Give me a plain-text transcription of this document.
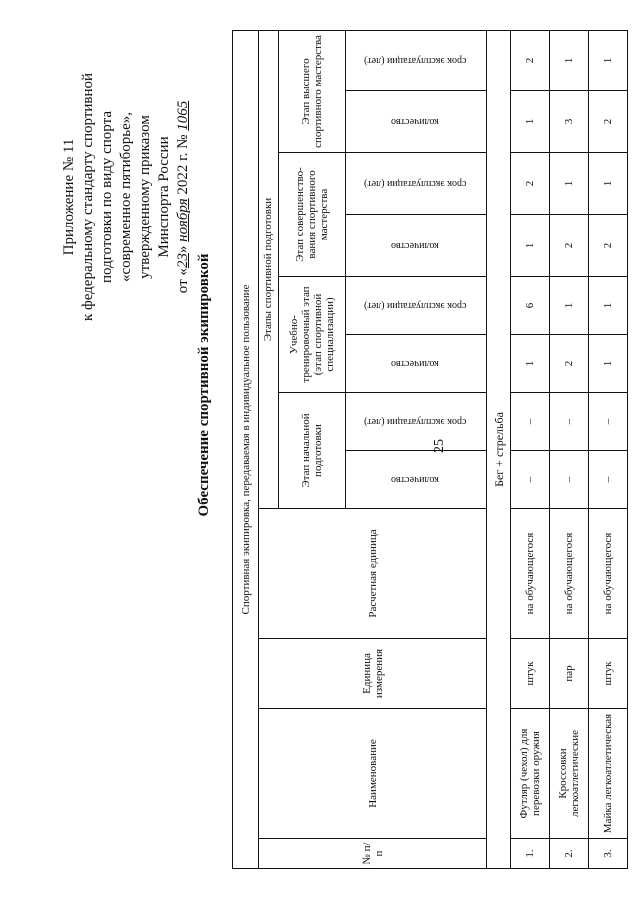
25
Приложение № 11 к федеральному стандарту спортивной подготовки по виду спорта «современное пятиборье», утвержденному приказом Минспорта России
от «23» ноября 2022 г. № 1065
Обеспечение спортивной экипировкой	Спортивная экипировка, передаваемая в индивидуальное пользование											
№ п/п	Наименование	Единица измерения	Расчетная единица	Этапы спортивной подготовки							
				Этап начальной подготовки		Учебно-тренировочный этап (этап спортивной специализации)		Этап совершенство-вания спортивного мастерства		Этап высшего спортивного мастерства	
				количество	срок эксплуатации (лет)	количество	срок эксплуатации (лет)	количество	срок эксплуатации (лет)	количество	срок эксплуатации (лет)
Бег + стрельба											
1.	Футляр (чехол) для перевозки оружия	штук	на обучающегося	–	–	1	6	1	2	1	2
2.	Кроссовки легкоатлетические	пар	на обучающегося	–	–	2	1	2	1	3	1
3.	Майка легкоатлетическая	штук	на обучающегося	–	–	1	1	2	1	2	1
